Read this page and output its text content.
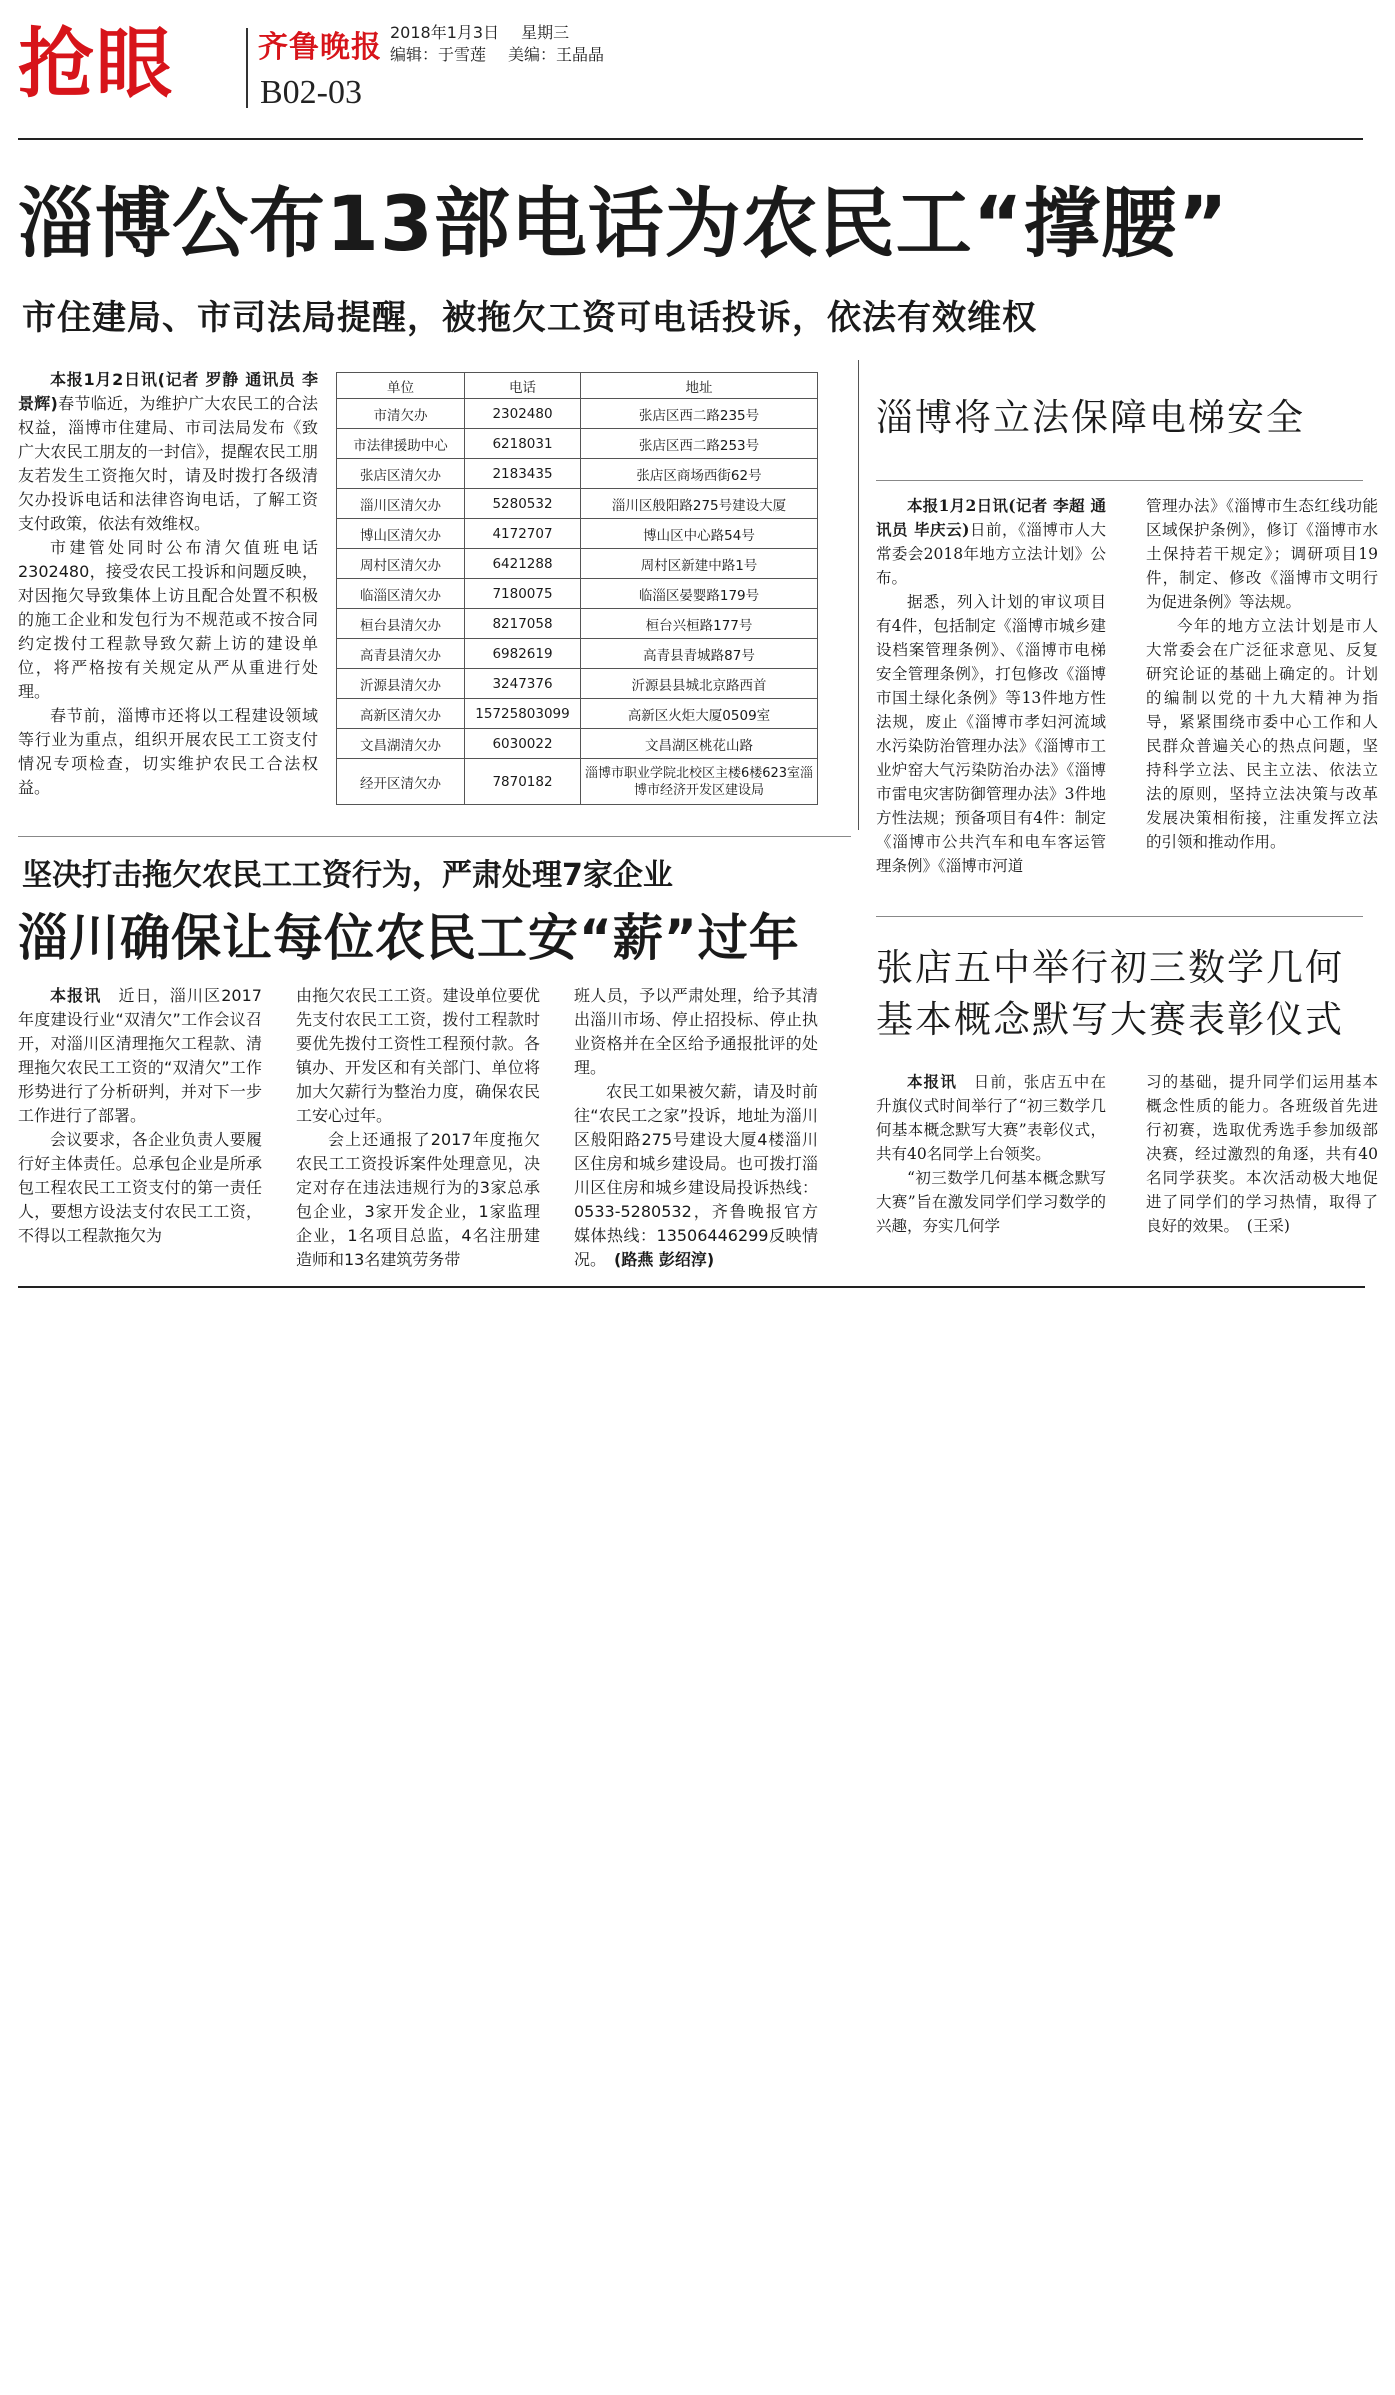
抢眼	齐鲁晚报
B02-03
2018年1月3日 星期三
编辑：于雪莲 美编：王晶晶
淄博公布13部电话为农民工“撑腰”
市住建局、市司法局提醒，被拖欠工资可电话投诉，依法有效维权

本报1月2日讯(记者 罗静 通讯员 李景辉)春节临近，为维护广大农民工的合法权益，淄博市住建局、市司法局发布《致广大农民工朋友的一封信》，提醒农民工朋友若发生工资拖欠时，请及时拨打各级清欠办投诉电话和法律咨询电话，了解工资支付政策，依法有效维权。

市建管处同时公布清欠值班电话2302480，接受农民工投诉和问题反映，对因拖欠导致集体上访且配合处置不积极的施工企业和发包行为不规范或不按合同约定拨付工程款导致欠薪上访的建设单位，将严格按有关规定从严从重进行处理。

春节前，淄博市还将以工程建设领域等行业为重点，组织开展农民工工资支付情况专项检查，切实维护农民工合法权益。

单位	电话	地址
市清欠办	2302480	张店区西二路235号
市法律援助中心	6218031	张店区西二路253号
张店区清欠办	2183435	张店区商场西街62号
淄川区清欠办	5280532	淄川区般阳路275号建设大厦
博山区清欠办	4172707	博山区中心路54号
周村区清欠办	6421288	周村区新建中路1号
临淄区清欠办	7180075	临淄区晏婴路179号
桓台县清欠办	8217058	桓台兴桓路177号
高青县清欠办	6982619	高青县青城路87号
沂源县清欠办	3247376	沂源县县城北京路西首
高新区清欠办	15725803099	高新区火炬大厦0509室
文昌湖清欠办	6030022	文昌湖区桃花山路
经开区清欠办	7870182	淄博市职业学院北校区主楼6楼623室淄博市经济开发区建设局
淄博将立法保障电梯安全

本报1月2日讯(记者 李超 通讯员 毕庆云)日前，《淄博市人大常委会2018年地方立法计划》公布。

据悉，列入计划的审议项目有4件，包括制定《淄博市城乡建设档案管理条例》、《淄博市电梯安全管理条例》，打包修改《淄博市国土绿化条例》等13件地方性法规，废止《淄博市孝妇河流域水污染防治管理办法》《淄博市工业炉窑大气污染防治办法》《淄博市雷电灾害防御管理办法》3件地方性法规；预备项目有4件：制定《淄博市公共汽车和电车客运管理条例》《淄博市河道

管理办法》《淄博市生态红线功能区域保护条例》，修订《淄博市水土保持若干规定》；调研项目19件，制定、修改《淄博市文明行为促进条例》等法规。

今年的地方立法计划是市人大常委会在广泛征求意见、反复研究论证的基础上确定的。计划的编制以党的十九大精神为指导，紧紧围绕市委中心工作和人民群众普遍关心的热点问题，坚持科学立法、民主立法、依法立法的原则，坚持立法决策与改革发展决策相衔接，注重发挥立法的引领和推动作用。

坚决打击拖欠农民工工资行为，严肃处理7家企业
淄川确保让每位农民工安“薪”过年

本报讯　 近日，淄川区2017年度建设行业“双清欠”工作会议召开，对淄川区清理拖欠工程款、清理拖欠农民工工资的“双清欠”工作形势进行了分析研判，并对下一步工作进行了部署。

会议要求，各企业负责人要履行好主体责任。总承包企业是所承包工程农民工工资支付的第一责任人，要想方设法支付农民工工资，不得以工程款拖欠为

由拖欠农民工工资。建设单位要优先支付农民工工资，拨付工程款时要优先拨付工资性工程预付款。各镇办、开发区和有关部门、单位将加大欠薪行为整治力度，确保农民工安心过年。

会上还通报了2017年度拖欠农民工工资投诉案件处理意见，决定对存在违法违规行为的3家总承包企业，3家开发企业，1家监理企业，1名项目总监，4名注册建造师和13名建筑劳务带

班人员，予以严肃处理，给予其清出淄川市场、停止招投标、停止执业资格并在全区给予通报批评的处理。

农民工如果被欠薪，请及时前往“农民工之家”投诉，地址为淄川区般阳路275号建设大厦4楼淄川区住房和城乡建设局。也可拨打淄川区住房和城乡建设局投诉热线：0533-5280532，齐鲁晚报官方媒体热线：13506446299反映情况。　 (路燕 彭绍淳)

张店五中举行初三数学几何
基本概念默写大赛表彰仪式

本报讯　 日前，张店五中在升旗仪式时间举行了“初三数学几何基本概念默写大赛”表彰仪式，共有40名同学上台领奖。

“初三数学几何基本概念默写大赛”旨在激发同学们学习数学的兴趣，夯实几何学

习的基础，提升同学们运用基本概念性质的能力。各班级首先进行初赛，选取优秀选手参加级部决赛，经过激烈的角逐，共有40名同学获奖。本次活动极大地促进了同学们的学习热情，取得了良好的效果。　 (王采)
